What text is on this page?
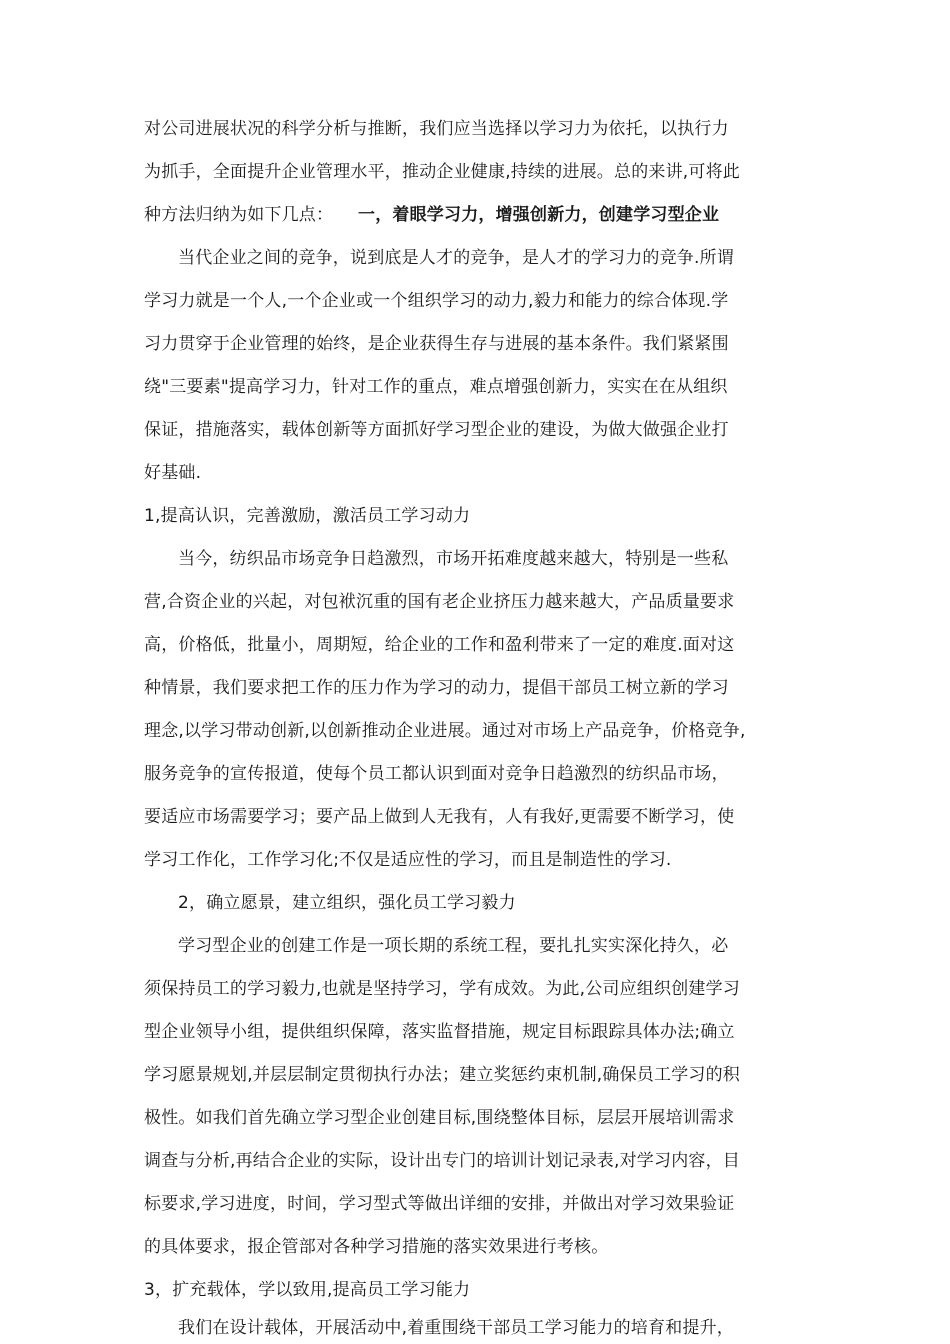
对公司进展状况的科学分析与推断，我们应当选择以学习力为依托，以执行力
为抓手，全面提升企业管理水平，推动企业健康,持续的进展。总的来讲,可将此
种方法归纳为如下几点： 一，着眼学习力，增强创新力，创建学习型企业
当代企业之间的竞争，说到底是人才的竞争，是人才的学习力的竞争.所谓
学习力就是一个人,一个企业或一个组织学习的动力,毅力和能力的综合体现.学
习力贯穿于企业管理的始终，是企业获得生存与进展的基本条件。我们紧紧围
绕"三要素"提高学习力，针对工作的重点，难点增强创新力，实实在在从组织
保证，措施落实，载体创新等方面抓好学习型企业的建设，为做大做强企业打
好基础.
1,提高认识，完善激励，激活员工学习动力
当今，纺织品市场竞争日趋激烈，市场开拓难度越来越大，特别是一些私
营,合资企业的兴起，对包袱沉重的国有老企业挤压力越来越大，产品质量要求
高，价格低，批量小，周期短，给企业的工作和盈利带来了一定的难度.面对这
种情景，我们要求把工作的压力作为学习的动力，提倡干部员工树立新的学习
理念,以学习带动创新,以创新推动企业进展。通过对市场上产品竞争，价格竞争,
服务竞争的宣传报道，使每个员工都认识到面对竞争日趋激烈的纺织品市场，
要适应市场需要学习；要产品上做到人无我有，人有我好,更需要不断学习，使
学习工作化，工作学习化;不仅是适应性的学习，而且是制造性的学习.
2，确立愿景，建立组织，强化员工学习毅力
学习型企业的创建工作是一项长期的系统工程，要扎扎实实深化持久，必
须保持员工的学习毅力,也就是坚持学习，学有成效。为此,公司应组织创建学习
型企业领导小组，提供组织保障，落实监督措施，规定目标跟踪具体办法;确立
学习愿景规划,并层层制定贯彻执行办法；建立奖惩约束机制,确保员工学习的积
极性。如我们首先确立学习型企业创建目标,围绕整体目标，层层开展培训需求
调查与分析,再结合企业的实际，设计出专门的培训计划记录表,对学习内容，目
标要求,学习进度，时间，学习型式等做出详细的安排，并做出对学习效果验证
的具体要求，报企管部对各种学习措施的落实效果进行考核。
3，扩充载体，学以致用,提高员工学习能力
我们在设计载体，开展活动中,着重围绕干部员工学习能力的培育和提升，
